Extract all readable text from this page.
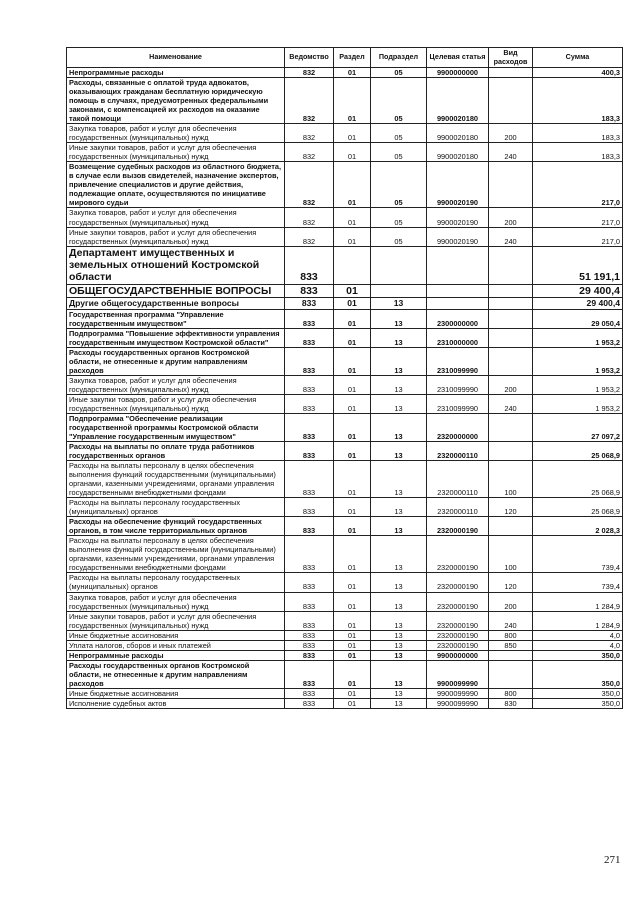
Наименование	Ведомство	Раздел	Подраздел	Целевая статья	Вид расходов	Сумма
Непрограммные расходы	832	01	05	9900000000		400,3
Расходы, связанные с оплатой труда адвокатов, оказывающих гражданам бесплатную юридическую помощь в случаях, предусмотренных федеральными законами, с компенсацией их расходов на оказание такой помощи	832	01	05	9900020180		183,3
Закупка товаров, работ и услуг для обеспечения государственных (муниципальных) нужд	832	01	05	9900020180	200	183,3
Иные закупки товаров, работ и услуг для обеспечения государственных (муниципальных) нужд	832	01	05	9900020180	240	183,3
Возмещение судебных расходов из областного бюджета, в случае если вызов свидетелей, назначение экспертов, привлечение специалистов и другие действия, подлежащие оплате, осуществляются по инициативе мирового судьи	832	01	05	9900020190		217,0
Закупка товаров, работ и услуг для обеспечения государственных (муниципальных) нужд	832	01	05	9900020190	200	217,0
Иные закупки товаров, работ и услуг для обеспечения государственных (муниципальных) нужд	832	01	05	9900020190	240	217,0
Департамент имущественных и земельных отношений Костромской области	833					51 191,1
ОБЩЕГОСУДАРСТВЕННЫЕ ВОПРОСЫ	833	01				29 400,4
Другие общегосударственные вопросы	833	01	13			29 400,4
Государственная программа "Управление государственным имуществом"	833	01	13	2300000000		29 050,4
Подпрограмма "Повышение эффективности управления государственным имуществом Костромской области"	833	01	13	2310000000		1 953,2
Расходы государственных органов Костромской области, не отнесенные к другим направлениям расходов	833	01	13	2310099990		1 953,2
Закупка товаров, работ и услуг для обеспечения государственных (муниципальных) нужд	833	01	13	2310099990	200	1 953,2
Иные закупки товаров, работ и услуг для обеспечения государственных (муниципальных) нужд	833	01	13	2310099990	240	1 953,2
Подпрограмма "Обеспечение реализации государственной программы Костромской области "Управление государственным имуществом"	833	01	13	2320000000		27 097,2
Расходы на выплаты по оплате труда работников государственных органов	833	01	13	2320000110		25 068,9
Расходы на выплаты персоналу в целях обеспечения выполнения функций государственными (муниципальными) органами, казенными учреждениями, органами управления государственными внебюджетными фондами	833	01	13	2320000110	100	25 068,9
Расходы на выплаты персоналу государственных (муниципальных) органов	833	01	13	2320000110	120	25 068,9
Расходы на обеспечение функций государственных органов, в том числе территориальных органов	833	01	13	2320000190		2 028,3
Расходы на выплаты персоналу в целях обеспечения выполнения функций государственными (муниципальными) органами, казенными учреждениями, органами управления государственными внебюджетными фондами	833	01	13	2320000190	100	739,4
Расходы на выплаты персоналу государственных (муниципальных) органов	833	01	13	2320000190	120	739,4
Закупка товаров, работ и услуг для обеспечения государственных (муниципальных) нужд	833	01	13	2320000190	200	1 284,9
Иные закупки товаров, работ и услуг для обеспечения государственных (муниципальных) нужд	833	01	13	2320000190	240	1 284,9
Иные бюджетные ассигнования	833	01	13	2320000190	800	4,0
Уплата налогов, сборов и иных платежей	833	01	13	2320000190	850	4,0
Непрограммные расходы	833	01	13	9900000000		350,0
Расходы государственных органов Костромской области, не отнесенные к другим направлениям расходов	833	01	13	9900099990		350,0
Иные бюджетные ассигнования	833	01	13	9900099990	800	350,0
Исполнение судебных актов	833	01	13	9900099990	830	350,0
271
